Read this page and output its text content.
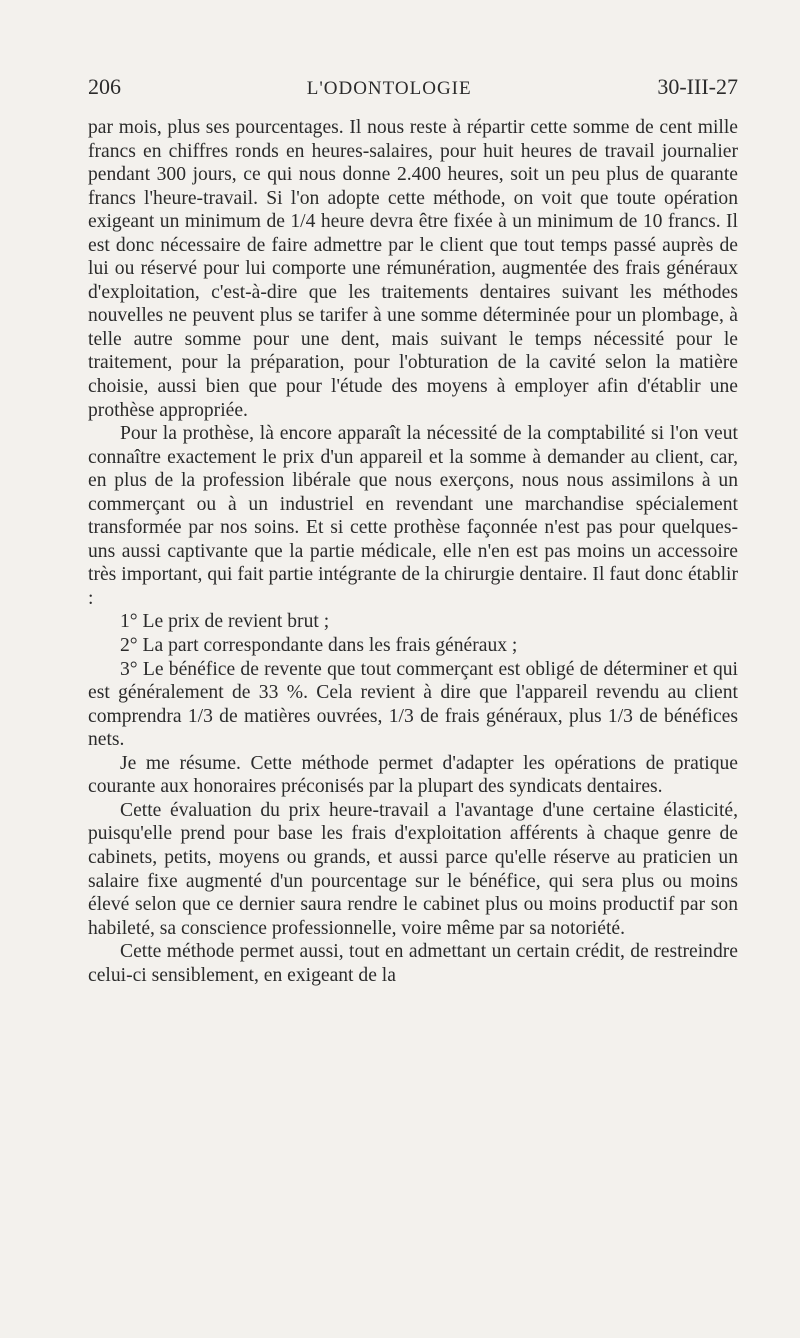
206	L'ODONTOLOGIE	30-III-27

par mois, plus ses pourcentages. Il nous reste à répartir cette somme de cent mille francs en chiffres ronds en heures-salaires, pour huit heures de travail journalier pendant 300 jours, ce qui nous donne 2.400 heures, soit un peu plus de quarante francs l'heure-travail. Si l'on adopte cette méthode, on voit que toute opération exigeant un minimum de 1/4 heure devra être fixée à un minimum de 10 francs. Il est donc nécessaire de faire admettre par le client que tout temps passé auprès de lui ou réservé pour lui comporte une rémunération, augmentée des frais généraux d'exploitation, c'est-à-dire que les traitements dentaires suivant les méthodes nouvelles ne peuvent plus se tarifer à une somme déterminée pour un plombage, à telle autre somme pour une dent, mais suivant le temps nécessité pour le traitement, pour la préparation, pour l'obturation de la cavité selon la matière choisie, aussi bien que pour l'étude des moyens à employer afin d'établir une prothèse appropriée.

Pour la prothèse, là encore apparaît la nécessité de la comptabilité si l'on veut connaître exactement le prix d'un appareil et la somme à demander au client, car, en plus de la profession libérale que nous exerçons, nous nous assimilons à un commerçant ou à un industriel en revendant une marchandise spécialement transformée par nos soins. Et si cette prothèse façonnée n'est pas pour quelques-uns aussi captivante que la partie médicale, elle n'en est pas moins un accessoire très important, qui fait partie intégrante de la chirurgie dentaire. Il faut donc établir :

1° Le prix de revient brut ;

2° La part correspondante dans les frais généraux ;

3° Le bénéfice de revente que tout commerçant est obligé de déterminer et qui est généralement de 33 %. Cela revient à dire que l'appareil revendu au client comprendra 1/3 de matières ouvrées, 1/3 de frais généraux, plus 1/3 de bénéfices nets.

Je me résume. Cette méthode permet d'adapter les opérations de pratique courante aux honoraires préconisés par la plupart des syndicats dentaires.

Cette évaluation du prix heure-travail a l'avantage d'une certaine élasticité, puisqu'elle prend pour base les frais d'exploitation afférents à chaque genre de cabinets, petits, moyens ou grands, et aussi parce qu'elle réserve au praticien un salaire fixe augmenté d'un pourcentage sur le bénéfice, qui sera plus ou moins élevé selon que ce dernier saura rendre le cabinet plus ou moins productif par son habileté, sa conscience professionnelle, voire même par sa notoriété.

Cette méthode permet aussi, tout en admettant un certain crédit, de restreindre celui-ci sensiblement, en exigeant de la
